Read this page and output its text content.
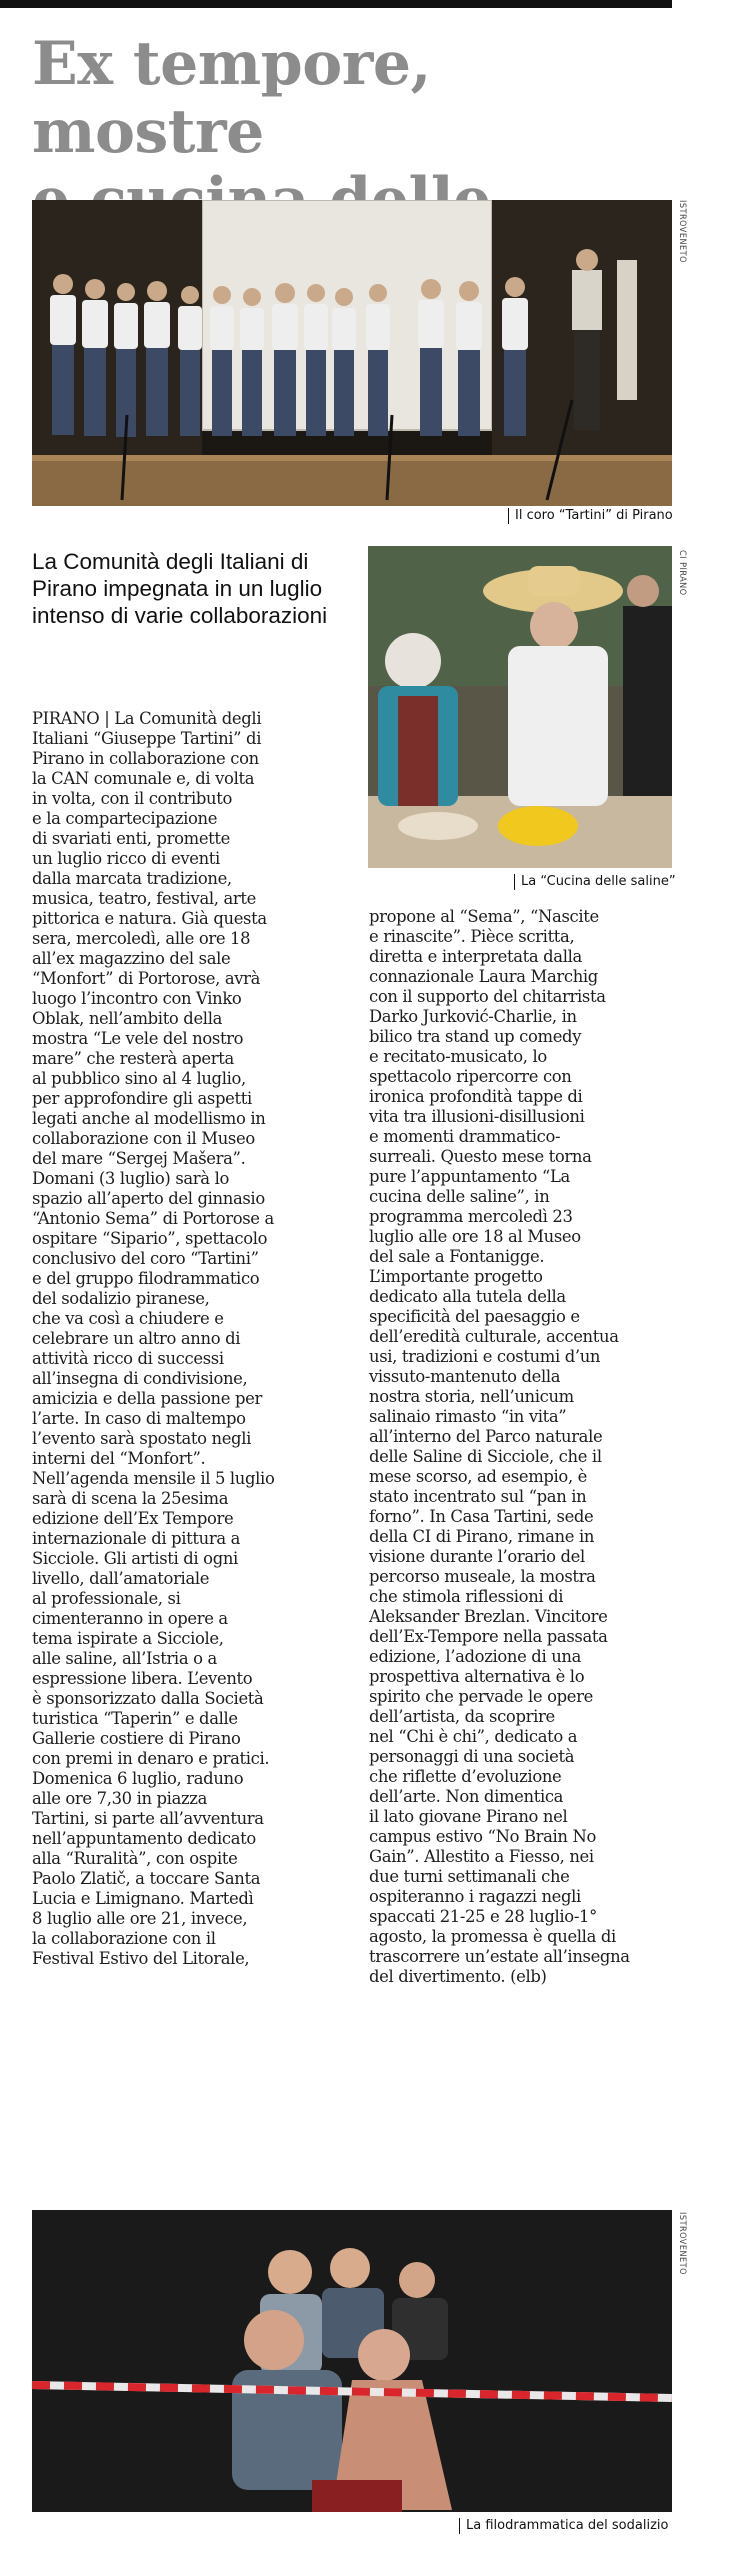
Ex tempore, mostre

ISTROVENETO
Il coro “Tartini” di Pirano
La Comunità degli Italiani di Pirano impegnata in un luglio intenso di varie collaborazioni
CI PIRANO
La “Cucina delle saline”
PIRANO | La Comunità degli
Italiani “Giuseppe Tartini” di
Pirano in collaborazione con
la CAN comunale e, di volta
in volta, con il contributo
e la compartecipazione
di svariati enti, promette
un luglio ricco di eventi
dalla marcata tradizione,
musica, teatro, festival, arte
pittorica e natura. Già questa
sera, mercoledì, alle ore 18
all’ex magazzino del sale
“Monfort” di Portorose, avrà
luogo l’incontro con Vinko
Oblak, nell’ambito della
mostra “Le vele del nostro
mare” che resterà aperta
al pubblico sino al 4 luglio,
per approfondire gli aspetti
legati anche al modellismo in
collaborazione con il Museo
del mare “Sergej Mašera”.
Domani (3 luglio) sarà lo
spazio all’aperto del ginnasio
“Antonio Sema” di Portorose a
ospitare “Sipario”, spettacolo
conclusivo del coro “Tartini”
e del gruppo filodrammatico
del sodalizio piranese,
che va così a chiudere e
celebrare un altro anno di
attività ricco di successi
all’insegna di condivisione,
amicizia e della passione per
l’arte. In caso di maltempo
l’evento sarà spostato negli
interni del “Monfort”.
Nell’agenda mensile il 5 luglio
sarà di scena la 25esima
edizione dell’Ex Tempore
internazionale di pittura a
Sicciole. Gli artisti di ogni
livello, dall’amatoriale
al professionale, si
cimenteranno in opere a
tema ispirate a Sicciole,
alle saline, all’Istria o a
espressione libera. L’evento
è sponsorizzato dalla Società
turistica “Taperin” e dalle
Gallerie costiere di Pirano
con premi in denaro e pratici.
Domenica 6 luglio, raduno
alle ore 7,30 in piazza
Tartini, si parte all’avventura
nell’appuntamento dedicato
alla “Ruralità”, con ospite
Paolo Zlatič, a toccare Santa
Lucia e Limignano. Martedì
8 luglio alle ore 21, invece,
la collaborazione con il
Festival Estivo del Litorale,
propone al “Sema”, “Nascite
e rinascite”. Pièce scritta,
diretta e interpretata dalla
connazionale Laura Marchig
con il supporto del chitarrista
Darko Jurković-Charlie, in
bilico tra stand up comedy
e recitato-musicato, lo
spettacolo ripercorre con
ironica profondità tappe di
vita tra illusioni-disillusioni
e momenti drammatico-
surreali. Questo mese torna
pure l’appuntamento “La
cucina delle saline”, in
programma mercoledì 23
luglio alle ore 18 al Museo
del sale a Fontanigge.
L’importante progetto
dedicato alla tutela della
specificità del paesaggio e
dell’eredità culturale, accentua
usi, tradizioni e costumi d’un
vissuto-mantenuto della
nostra storia, nell’unicum
salinaio rimasto “in vita”
all’interno del Parco naturale
delle Saline di Sicciole, che il
mese scorso, ad esempio, è
stato incentrato sul “pan in
forno”. In Casa Tartini, sede
della CI di Pirano, rimane in
visione durante l’orario del
percorso museale, la mostra
che stimola riflessioni di
Aleksander Brezlan. Vincitore
dell’Ex-Tempore nella passata
edizione, l’adozione di una
prospettiva alternativa è lo
spirito che pervade le opere
dell’artista, da scoprire
nel “Chi è chi”, dedicato a
personaggi di una società
che riflette d’evoluzione
dell’arte. Non dimentica
il lato giovane Pirano nel
campus estivo “No Brain No
Gain”. Allestito a Fiesso, nei
due turni settimanali che
ospiteranno i ragazzi negli
spaccati 21-25 e 28 luglio-1°
agosto, la promessa è quella di
trascorrere un’estate all’insegna
del divertimento. (elb)
ISTROVENETO
La filodrammatica del sodalizio
